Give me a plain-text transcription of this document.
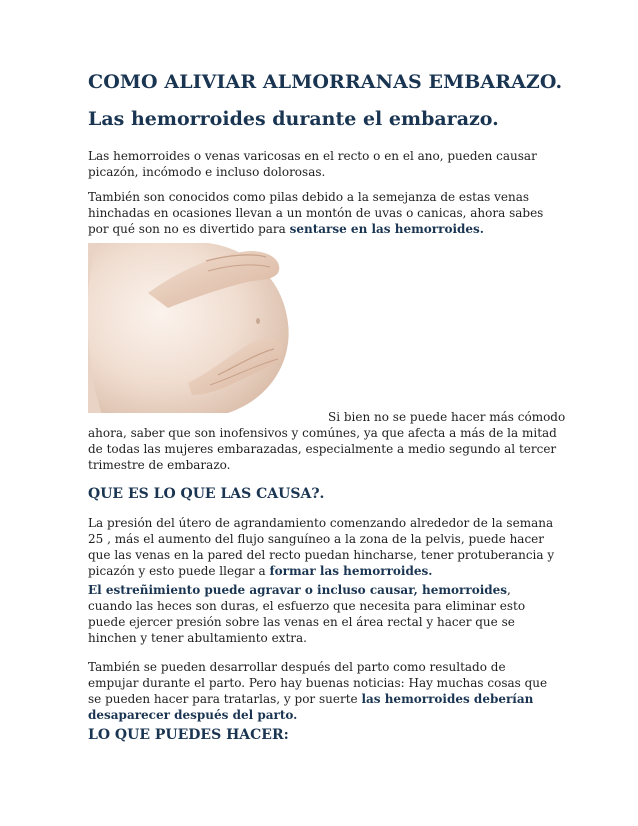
COMO ALIVIAR ALMORRANAS EMBARAZO.
Las hemorroides durante el embarazo.

Las hemorroides o venas varicosas en el recto o en el ano, pueden causar picazón, incómodo e incluso dolorosas.

También son conocidos como pilas debido a la semejanza de estas venas hinchadas en ocasiones llevan a un montón de uvas o canicas, ahora sabes por qué son no es divertido para sentarse en las hemorroides.

Si bien no se puede hacer más cómodo

ahora, saber que son inofensivos y comúnes, ya que afecta a más de la mitad de todas las mujeres embarazadas, especialmente a medio segundo al tercer trimestre de embarazo.

QUE ES LO QUE LAS CAUSA?.

La presión del útero de agrandamiento comenzando alrededor de la semana 25 , más el aumento del flujo sanguíneo a la zona de la pelvis, puede hacer que las venas en la pared del recto puedan hincharse, tener protuberancia y picazón y esto puede llegar a formar las hemorroides.

El estreñimiento puede agravar o incluso causar, hemorroides, cuando las heces son duras, el esfuerzo que necesita para eliminar esto puede ejercer presión sobre las venas en el área rectal y hacer que se hinchen y tener abultamiento extra.

También se pueden desarrollar después del parto como resultado de empujar durante el parto. Pero hay buenas noticias: Hay muchas cosas que se pueden hacer para tratarlas, y por suerte las hemorroides deberían desaparecer después del parto.

LO QUE PUEDES HACER:
